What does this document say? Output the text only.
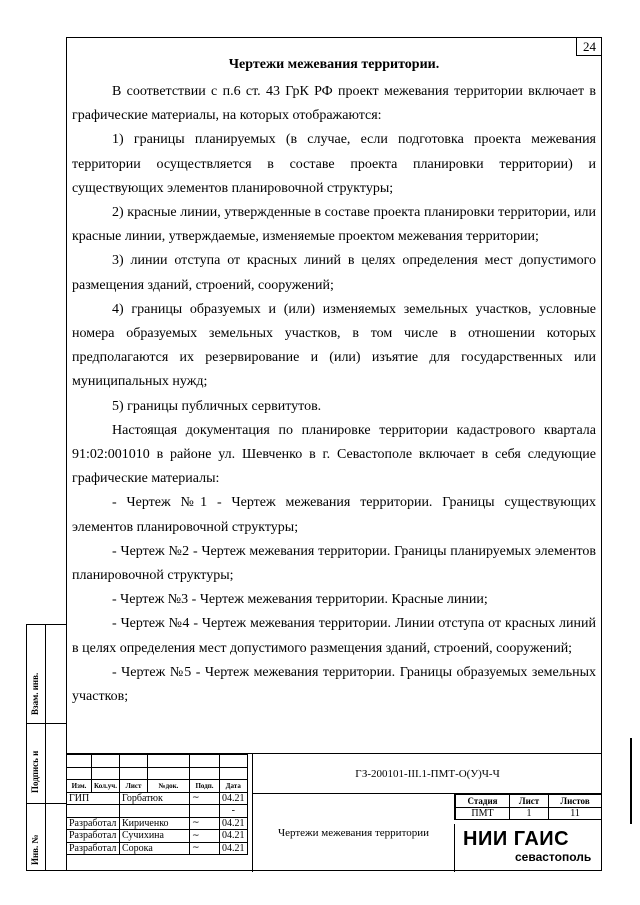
24
Чертежи межевания территории.

В соответствии с п.6 ст. 43 ГрК РФ проект межевания территории включает в графические материалы, на которых отображаются:

1) границы планируемых (в случае, если подготовка проекта межевания территории осуществляется в составе проекта планировки территории) и существующих элементов планировочной структуры;

2) красные линии, утвержденные в составе проекта планировки территории, или красные линии, утверждаемые, изменяемые проектом межевания территории;

3) линии отступа от красных линий в целях определения мест допустимого размещения зданий, строений, сооружений;

4) границы образуемых и (или) изменяемых земельных участков, условные номера образуемых земельных участков, в том числе в отношении которых предполагаются их резервирование и (или) изъятие для государственных или муниципальных нужд;

5) границы публичных сервитутов.

Настоящая документация по планировке территории кадастрового квартала 91:02:001010 в районе ул. Шевченко в г. Севастополе включает в себя следующие графические материалы:

- Чертеж №1 - Чертеж межевания территории. Границы существующих элементов планировочной структуры;

- Чертеж №2 - Чертеж межевания территории. Границы планируемых элементов планировочной структуры;

- Чертеж №3 - Чертеж межевания территории. Красные линии;

- Чертеж №4 - Чертеж межевания территории. Линии отступа от красных линий в целях определения мест допустимого размещения зданий, строений, сооружений;

- Чертеж №5 - Чертеж межевания территории. Границы образуемых земельных участков;

Взам. инв.
Подпись и
Инв. №

Изм.	Кол.уч.	Лист	№док.	Подп.	Дата
ГИП		Горбатюк		~	04.21
					-
Разработал		Кириченко		~	04.21
Разработал		Сучихина		~	04.21
Разработал		Сорока		~	04.21
ГЗ-200101-III.1-ПМТ-О(У)Ч-Ч
Чертежи межевания территории
Стадия	Лист	Листов
ПМТ	1	11
НИИ ГАИС
севастополь
